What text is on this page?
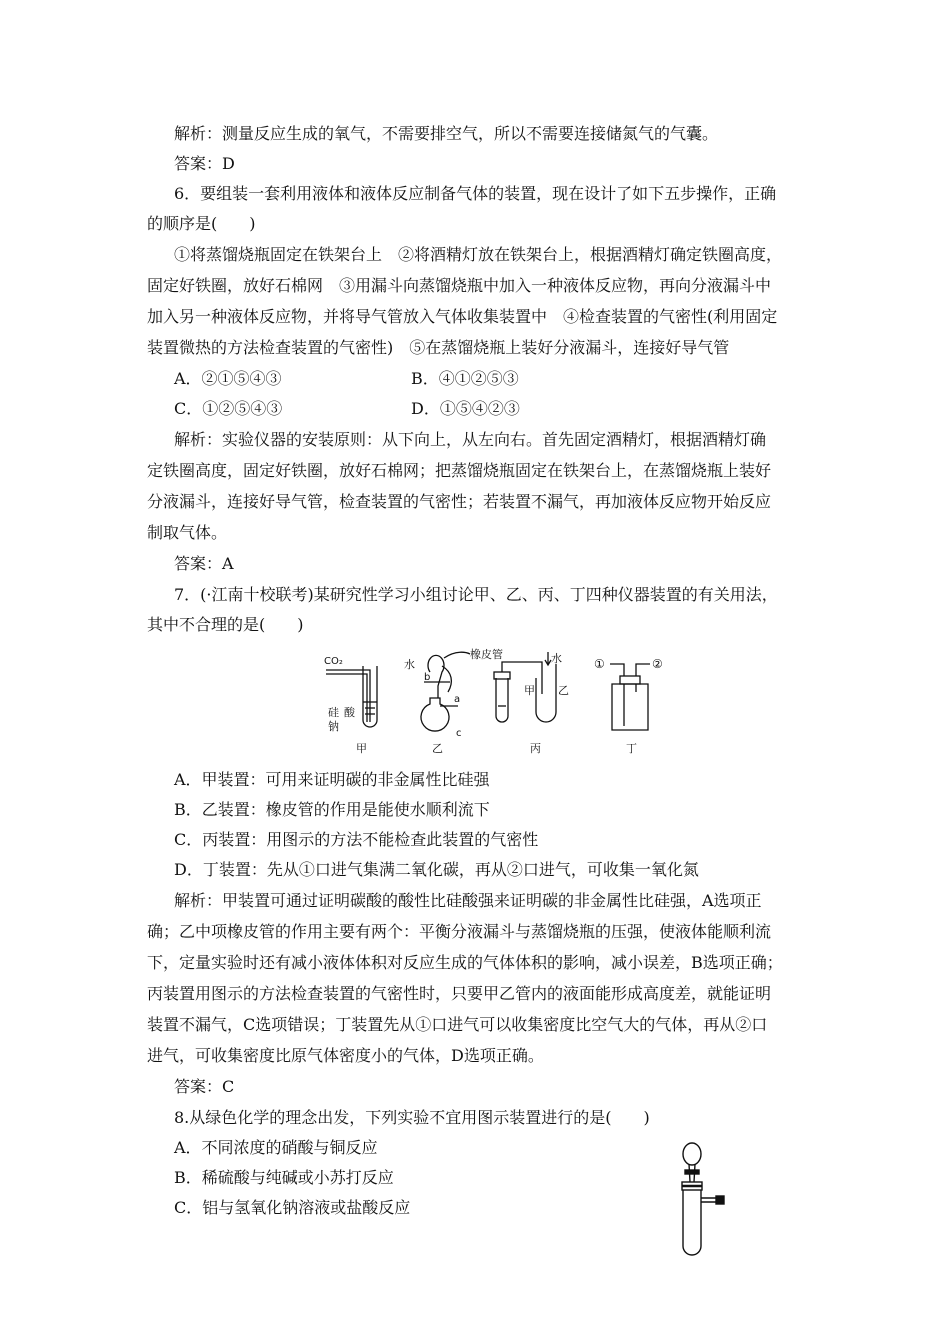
解析：测量反应生成的氧气，不需要排空气，所以不需要连接储氮气的气囊。
答案：D
6．要组装一套利用液体和液体反应制备气体的装置，现在设计了如下五步操作，正确
的顺序是(　　)
①将蒸馏烧瓶固定在铁架台上　②将酒精灯放在铁架台上，根据酒精灯确定铁圈高度，
固定好铁圈，放好石棉网　③用漏斗向蒸馏烧瓶中加入一种液体反应物，再向分液漏斗中
加入另一种液体反应物，并将导气管放入气体收集装置中　④检查装置的气密性(利用固定
装置微热的方法检查装置的气密性)　⑤在蒸馏烧瓶上装好分液漏斗，连接好导气管
A．②①⑤④③	B．④①②⑤③
C．①②⑤④③	D．①⑤④②③
解析：实验仪器的安装原则：从下向上，从左向右。首先固定酒精灯，根据酒精灯确
定铁圈高度，固定好铁圈，放好石棉网；把蒸馏烧瓶固定在铁架台上，在蒸馏烧瓶上装好
分液漏斗，连接好导气管，检查装置的气密性；若装置不漏气，再加液体反应物开始反应
制取气体。
答案：A
7．(·江南十校联考)某研究性学习小组讨论甲、乙、丙、丁四种仪器装置的有关用法，
其中不合理的是(　　)
CO₂
硅 酸
钠
甲
水
橡皮管
a
b
c
乙
水
甲 乙
丙
①	②
丁
A．甲装置：可用来证明碳的非金属性比硅强
B．乙装置：橡皮管的作用是能使水顺利流下
C．丙装置：用图示的方法不能检查此装置的气密性
D．丁装置：先从①口进气集满二氧化碳，再从②口进气，可收集一氧化氮
解析：甲装置可通过证明碳酸的酸性比硅酸强来证明碳的非金属性比硅强，A选项正
确；乙中项橡皮管的作用主要有两个：平衡分液漏斗与蒸馏烧瓶的压强，使液体能顺利流
下，定量实验时还有减小液体体积对反应生成的气体体积的影响，减小误差，B选项正确；
丙装置用图示的方法检查装置的气密性时，只要甲乙管内的液面能形成高度差，就能证明
装置不漏气，C选项错误；丁装置先从①口进气可以收集密度比空气大的气体，再从②口
进气，可收集密度比原气体密度小的气体，D选项正确。
答案：C
8.从绿色化学的理念出发，下列实验不宜用图示装置进行的是(　　)
A．不同浓度的硝酸与铜反应
B．稀硫酸与纯碱或小苏打反应
C．铝与氢氧化钠溶液或盐酸反应
